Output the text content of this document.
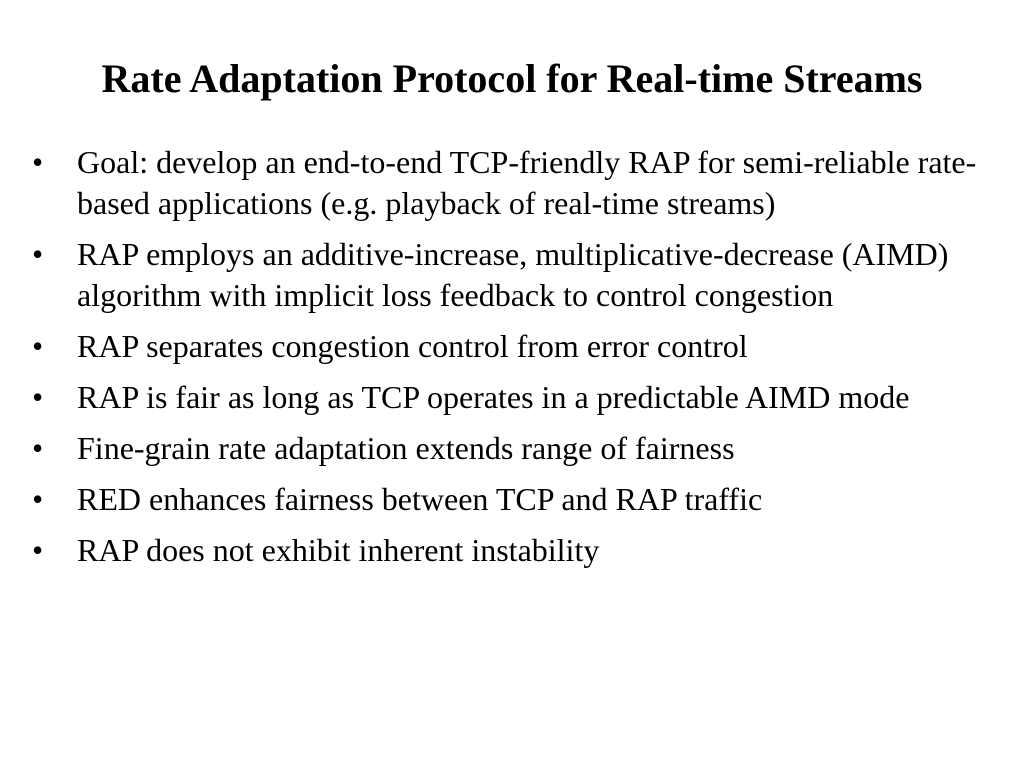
Rate Adaptation Protocol for Real-time Streams
•	Goal: develop an end-to-end TCP-friendly RAP for semi-reliable rate-based applications (e.g. playback of real-time streams)
•	RAP employs an additive-increase, multiplicative-decrease (AIMD) algorithm with implicit loss feedback to control congestion
•	RAP separates congestion control from error control
•	RAP is fair as long as TCP operates in a predictable AIMD mode
•	Fine-grain rate adaptation extends range of fairness
•	RED enhances fairness between TCP and RAP traffic
•	RAP does not exhibit inherent instability
